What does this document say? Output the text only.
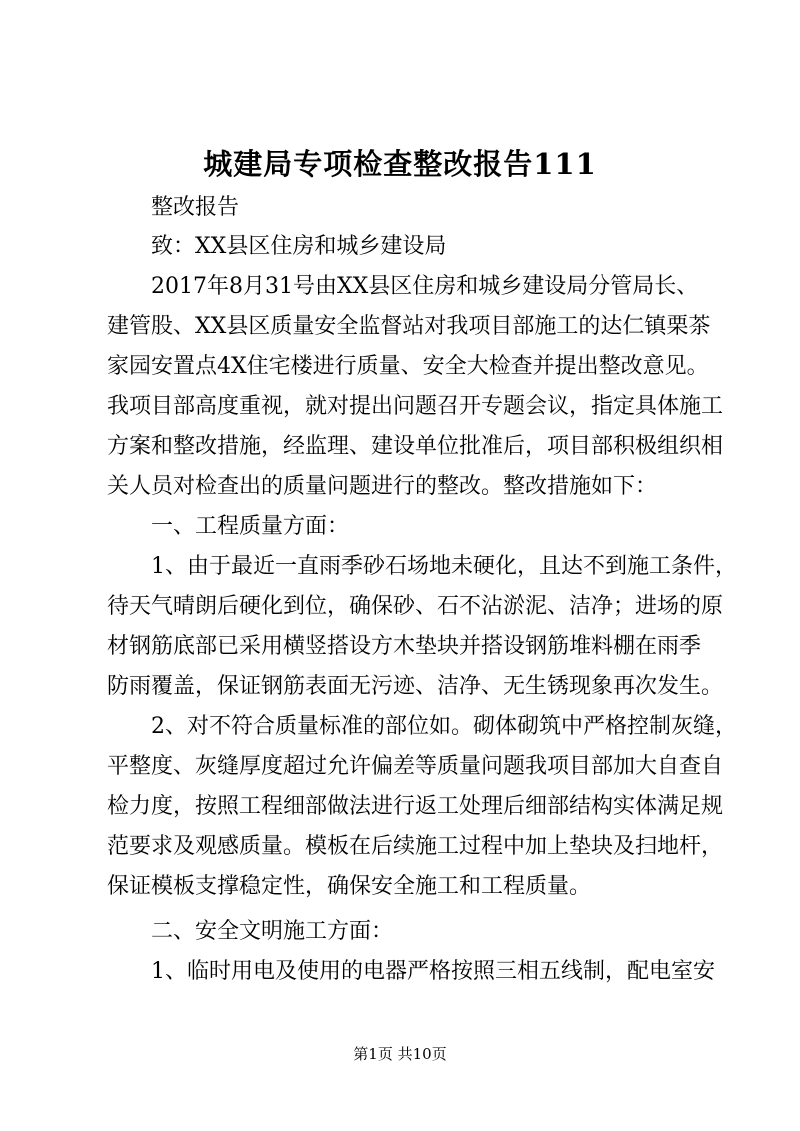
城建局专项检查整改报告111

整改报告

致：XX县区住房和城乡建设局

2017年8月31号由XX县区住房和城乡建设局分管局长、

建管股、XX县区质量安全监督站对我项目部施工的达仁镇栗茶

家园安置点4X住宅楼进行质量、安全大检查并提出整改意见。

我项目部高度重视，就对提出问题召开专题会议，指定具体施工

方案和整改措施，经监理、建设单位批准后，项目部积极组织相

关人员对检查出的质量问题进行的整改。整改措施如下：

一、工程质量方面：

1、由于最近一直雨季砂石场地未硬化，且达不到施工条件，

待天气晴朗后硬化到位，确保砂、石不沾淤泥、洁净；进场的原

材钢筋底部已采用横竖搭设方木垫块并搭设钢筋堆料棚在雨季

防雨覆盖，保证钢筋表面无污迹、洁净、无生锈现象再次发生。

2、对不符合质量标准的部位如。砌体砌筑中严格控制灰缝，

平整度、灰缝厚度超过允许偏差等质量问题我项目部加大自查自

检力度，按照工程细部做法进行返工处理后细部结构实体满足规

范要求及观感质量。模板在后续施工过程中加上垫块及扫地杆，

保证模板支撑稳定性，确保安全施工和工程质量。

二、安全文明施工方面：

1、临时用电及使用的电器严格按照三相五线制，配电室安

第1页 共10页
